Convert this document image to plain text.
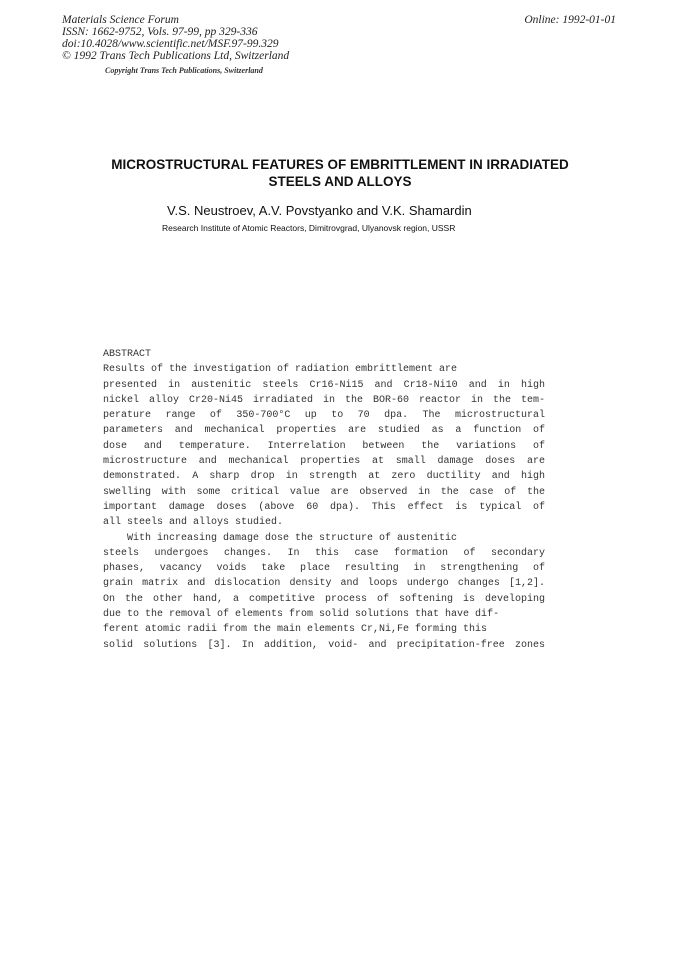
Materials Science Forum
ISSN: 1662-9752, Vols. 97-99, pp 329-336
doi:10.4028/www.scientific.net/MSF.97-99.329
© 1992 Trans Tech Publications Ltd, Switzerland
Online: 1992-01-01
Copyright Trans Tech Publications, Switzerland
MICROSTRUCTURAL FEATURES OF EMBRITTLEMENT IN IRRADIATED
STEELS AND ALLOYS
V.S. Neustroev, A.V. Povstyanko and V.K. Shamardin
Research Institute of Atomic Reactors, Dimitrovgrad, Ulyanovsk region, USSR
ABSTRACT
Results of the investigation of radiation embrittlement are
presented in austenitic steels Cr16-Ni15 and Cr18-Ni10 and in high
nickel alloy Cr20-Ni45 irradiated in the BOR-60 reactor in the tem-
perature range of 350-700°C up to 70 dpa. The microstructural
parameters and mechanical properties are studied as a function of
dose and temperature. Interrelation between the variations of
microstructure and mechanical properties at small damage doses are
demonstrated. A sharp drop in strength at zero ductility and high
swelling with some critical value are observed in the case of the
important damage doses (above 60 dpa). This effect is typical of
all steels and alloys studied.
With increasing damage dose the structure of austenitic
steels undergoes changes. In this case formation of secondary
phases, vacancy voids take place resulting in strengthening of
grain matrix and dislocation density and loops undergo changes [1,2].
On the other hand, a competitive process of softening is developing
due to the removal of elements from solid solutions that have dif-
ferent atomic radii from the main elements Cr,Ni,Fe forming this
solid solutions [3]. In addition, void- and precipitation-free zones
